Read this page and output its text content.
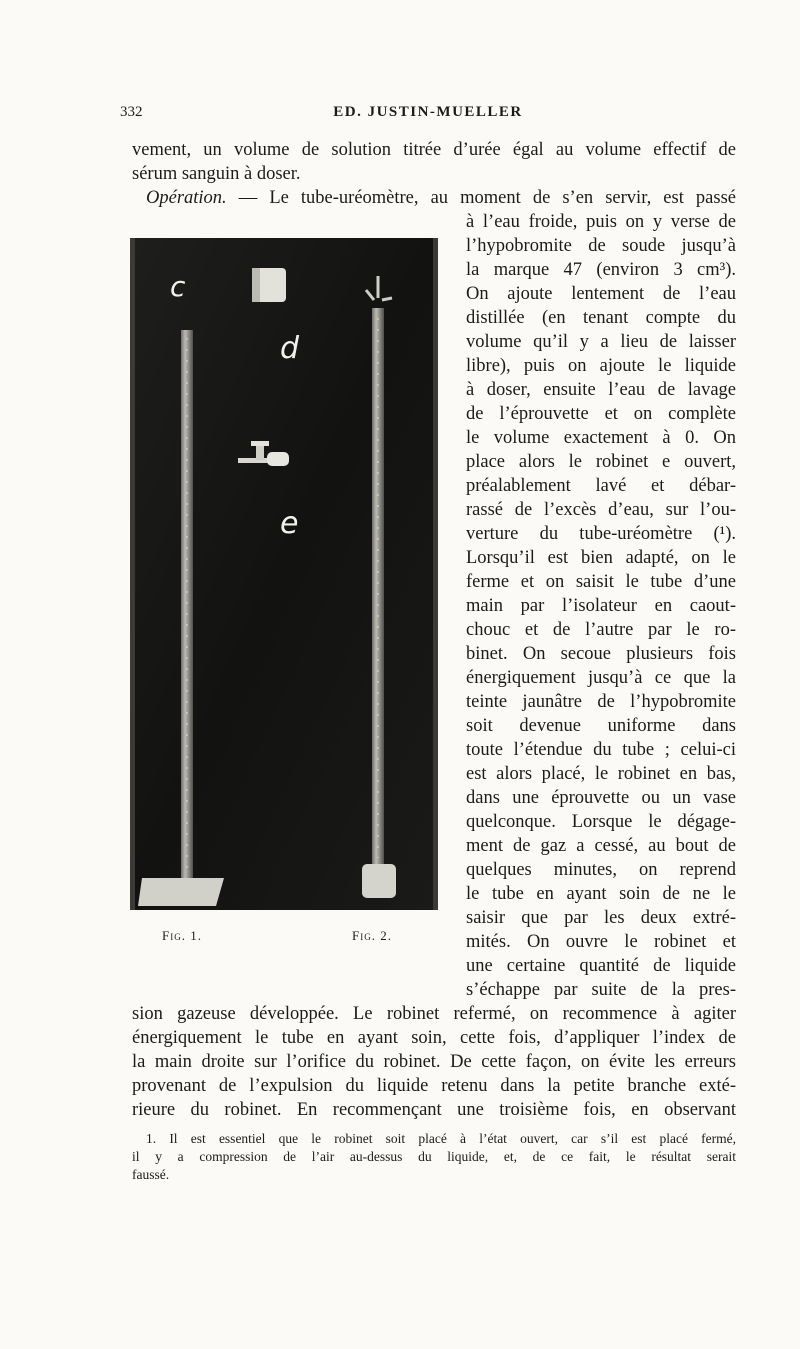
332	ED. JUSTIN-MUELLER
vement, un volume de solution titrée d’urée égal au volume effectif de
sérum sanguin à doser.
Opération. — Le tube-uréomètre, au moment de s’en servir, est passé
à l’eau froide, puis on y verse de
l’hypobromite de soude jusqu’à
la marque 47 (environ 3 cm³).
On ajoute lentement de l’eau
distillée (en tenant compte du
volume qu’il y a lieu de laisser
libre), puis on ajoute le liquide
à doser, ensuite l’eau de lavage
de l’éprouvette et on complète
le volume exactement à 0. On
place alors le robinet e ouvert,
préalablement lavé et débar-
rassé de l’excès d’eau, sur l’ou-
verture du tube-uréomètre (¹).
Lorsqu’il est bien adapté, on le
ferme et on saisit le tube d’une
main par l’isolateur en caout-
chouc et de l’autre par le ro-
binet. On secoue plusieurs fois
énergiquement jusqu’à ce que la
teinte jaunâtre de l’hypobromite
soit devenue uniforme dans
toute l’étendue du tube ; celui-ci
est alors placé, le robinet en bas,
dans une éprouvette ou un vase
quelconque. Lorsque le dégage-
ment de gaz a cessé, au bout de
quelques minutes, on reprend
le tube en ayant soin de ne le
saisir que par les deux extré-
mités. On ouvre le robinet et
une certaine quantité de liquide
s’échappe par suite de la pres-
c
d
e
Fig. 1.	Fig. 2.
sion gazeuse développée. Le robinet refermé, on recommence à agiter
énergiquement le tube en ayant soin, cette fois, d’appliquer l’index de
la main droite sur l’orifice du robinet. De cette façon, on évite les erreurs
provenant de l’expulsion du liquide retenu dans la petite branche exté-
rieure du robinet. En recommençant une troisième fois, en observant
1. Il est essentiel que le robinet soit placé à l’état ouvert, car s’il est placé fermé,
il y a compression de l’air au-dessus du liquide, et, de ce fait, le résultat serait
faussé.
